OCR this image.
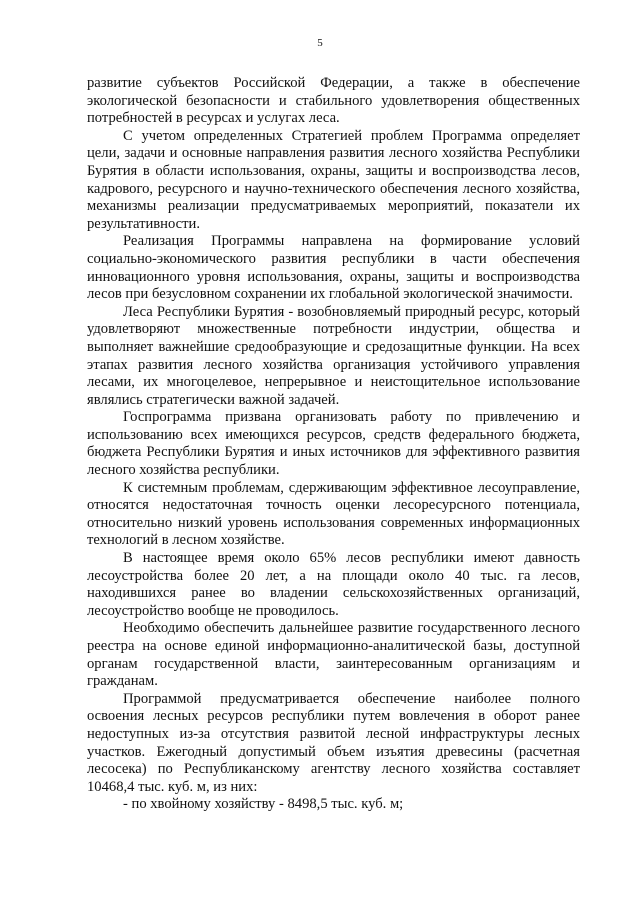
5

развитие субъектов Российской Федерации, а также в обеспечение экологической безопасности и стабильного удовлетворения общественных потребностей в ресурсах и услугах леса.

С учетом определенных Стратегией проблем Программа определяет цели, задачи и основные направления развития лесного хозяйства Республики Бурятия в области использования, охраны, защиты и воспроизводства лесов, кадрового, ресурсного и научно-технического обеспечения лесного хозяйства, механизмы реализации предусматриваемых мероприятий, показатели их результативности.

Реализация Программы направлена на формирование условий социально-экономического развития республики в части обеспечения инновационного уровня использования, охраны, защиты и воспроизводства лесов при безусловном сохранении их глобальной экологической значимости.

Леса Республики Бурятия - возобновляемый природный ресурс, который удовлетворяют множественные потребности индустрии, общества и выполняет важнейшие средообразующие и средозащитные функции. На всех этапах развития лесного хозяйства организация устойчивого управления лесами, их многоцелевое, непрерывное и неистощительное использование являлись стратегически важной задачей.

Госпрограмма призвана организовать работу по привлечению и использованию всех имеющихся ресурсов, средств федерального бюджета, бюджета Республики Бурятия и иных источников для эффективного развития лесного хозяйства республики.

К системным проблемам, сдерживающим эффективное лесоуправление, относятся недостаточная точность оценки лесоресурсного потенциала, относительно низкий уровень использования современных информационных технологий в лесном хозяйстве.

В настоящее время около 65% лесов республики имеют давность лесоустройства более 20 лет, а на площади около 40 тыс. га лесов, находившихся ранее во владении сельскохозяйственных организаций, лесоустройство вообще не проводилось.

Необходимо обеспечить дальнейшее развитие государственного лесного реестра на основе единой информационно-аналитической базы, доступной органам государственной власти, заинтересованным организациям и гражданам.

Программой предусматривается обеспечение наиболее полного освоения лесных ресурсов республики путем вовлечения в оборот ранее недоступных из-за отсутствия развитой лесной инфраструктуры лесных участков. Ежегодный допустимый объем изъятия древесины (расчетная лесосека) по Республиканскому агентству лесного хозяйства составляет 10468,4 тыс. куб. м, из них:

- по хвойному хозяйству - 8498,5 тыс. куб. м;
